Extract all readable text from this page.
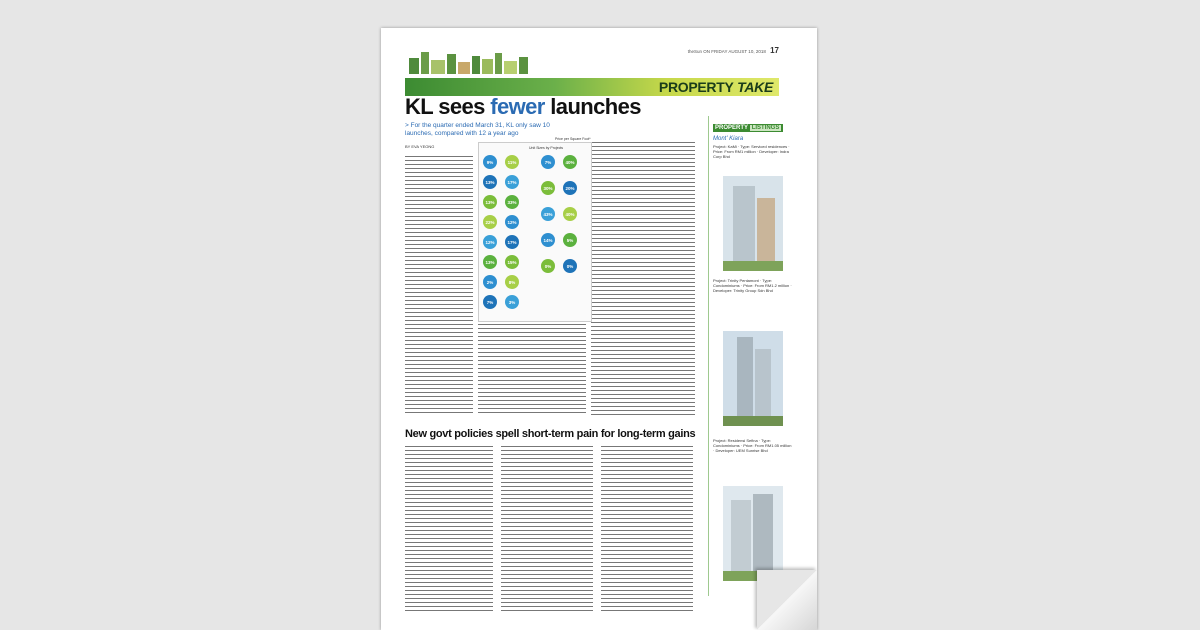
theSun ON FRIDAY AUGUST 10, 2018 17
PROPERTY TAKE
KL sees fewer launches
> For the quarter ended March 31, KL only saw 10 launches, compared with 12 a year ago
BY EVA YEONG	Unit Sizes by Projects
Price per Square Foot*
9%
13%
13%
22%
12%
13%
2%
7%
11%
17%
33%
12%
17%
15%
8%
3%
7%
30%
43%
14%
0%
40%
20%
40%
5%
0%
New govt policies spell short-term pain for long-term gains
PROPERTY LISTINGS
Mont' Kiara
Project: KaMi · Type: Serviced residences · Price: From RM1 million · Developer: Indra Corp Bhd
Project: Trinity Pentamont · Type: Condominiums · Price: From RM1.2 million · Developer: Trinity Group Sdn Bhd
Project: Residensi Sefina · Type: Condominiums · Price: From RM1.05 million · Developer: UEM Sunrise Bhd
